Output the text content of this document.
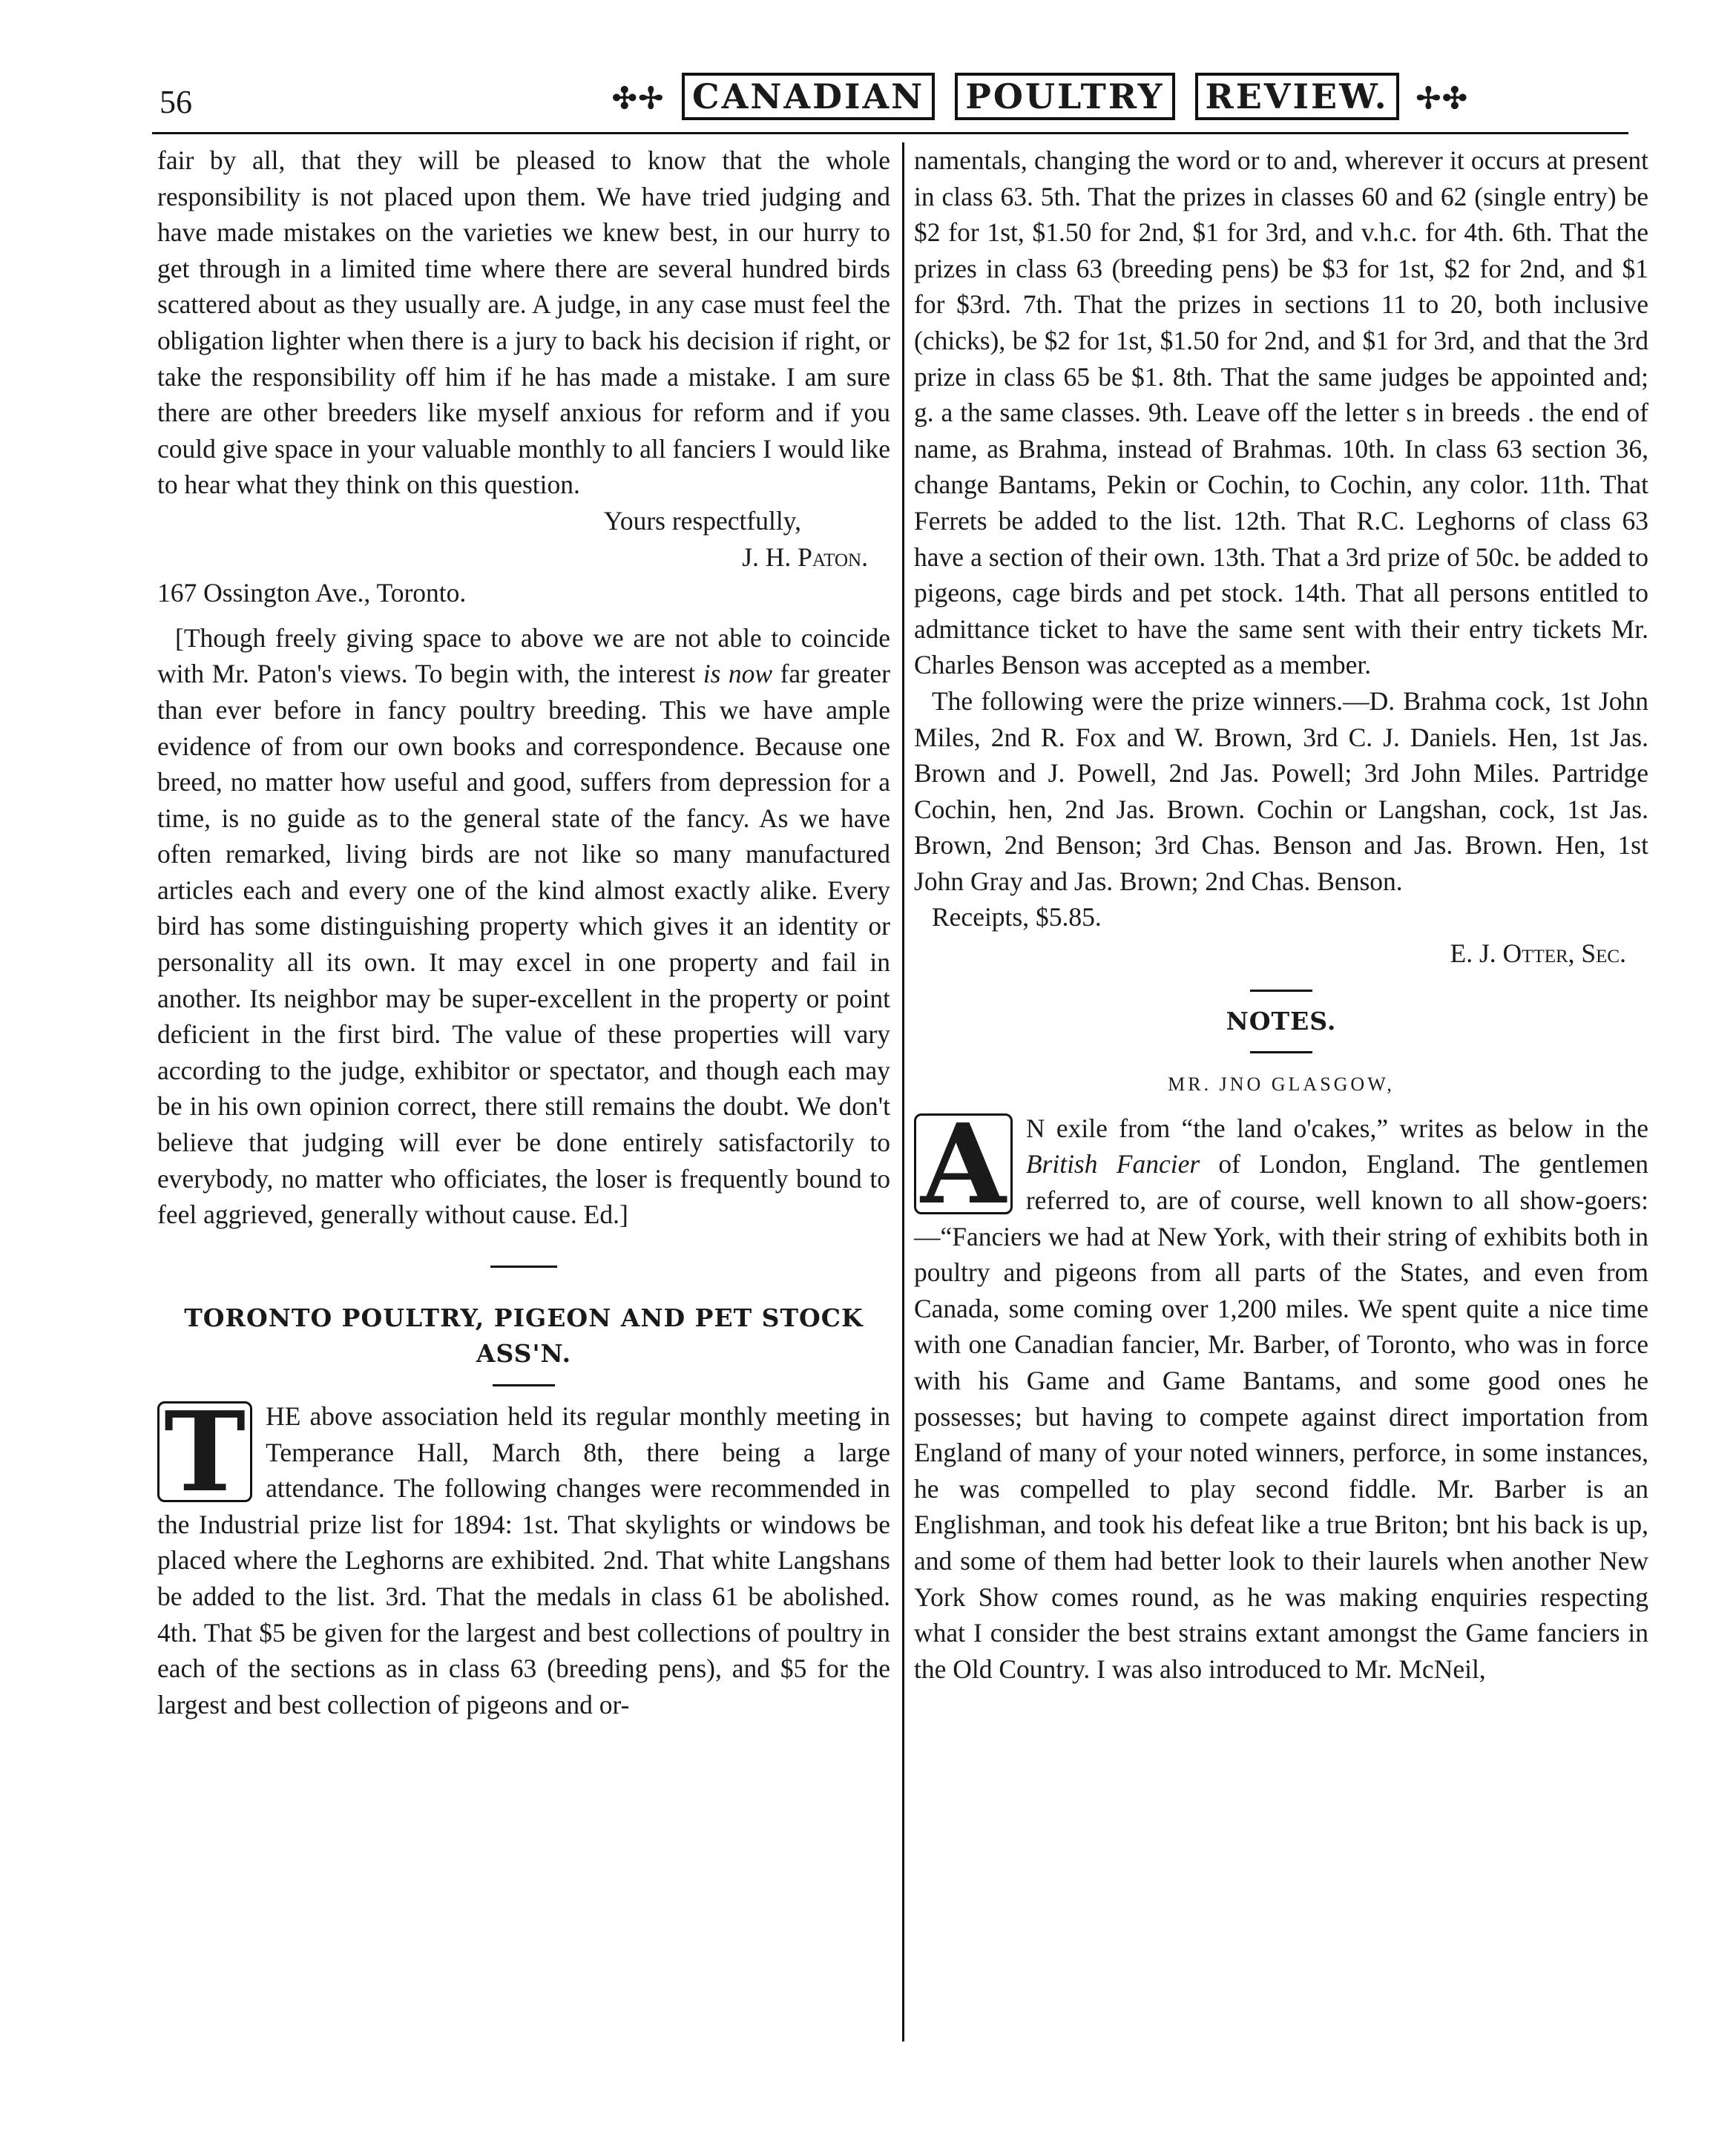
56	✣✢ CANADIAN POULTRY REVIEW. ✢✣

fair by all, that they will be pleased to know that the whole responsibility is not placed upon them. We have tried judging and have made mistakes on the varieties we knew best, in our hurry to get through in a limited time where there are several hundred birds scattered about as they usually are. A judge, in any case must feel the obligation lighter when there is a jury to back his decision if right, or take the responsibility off him if he has made a mistake. I am sure there are other breeders like myself anxious for reform and if you could give space in your valuable monthly to all fanciers I would like to hear what they think on this question.

Yours respectfully,

J. H. Paton.

167 Ossington Ave., Toronto.

[Though freely giving space to above we are not able to coincide with Mr. Paton's views. To begin with, the interest is now far greater than ever before in fancy poultry breeding. This we have ample evidence of from our own books and correspondence. Because one breed, no matter how useful and good, suffers from depression for a time, is no guide as to the general state of the fancy. As we have often remarked, living birds are not like so many manufactured articles each and every one of the kind almost exactly alike. Every bird has some distinguishing property which gives it an identity or personality all its own. It may excel in one property and fail in another. Its neighbor may be super-excellent in the property or point deficient in the first bird. The value of these properties will vary according to the judge, exhibitor or spectator, and though each may be in his own opinion correct, there still remains the doubt. We don't believe that judging will ever be done entirely satisfactorily to everybody, no matter who officiates, the loser is frequently bound to feel aggrieved, generally without cause. Ed.]

TORONTO POULTRY, PIGEON AND PET STOCK ASS'N.

T HE above association held its regular monthly meeting in Temperance Hall, March 8th, there being a large attendance. The following changes were recommended in the Industrial prize list for 1894: 1st. That skylights or windows be placed where the Leghorns are exhibited. 2nd. That white Langshans be added to the list. 3rd. That the medals in class 61 be abolished. 4th. That $5 be given for the largest and best collections of poultry in each of the sections as in class 63 (breeding pens), and $5 for the largest and best collection of pigeons and or-

namentals, changing the word or to and, wherever it occurs at present in class 63. 5th. That the prizes in classes 60 and 62 (single entry) be $2 for 1st, $1.50 for 2nd, $1 for 3rd, and v.h.c. for 4th. 6th. That the prizes in class 63 (breeding pens) be $3 for 1st, $2 for 2nd, and $1 for $3rd. 7th. That the prizes in sections 11 to 20, both inclusive (chicks), be $2 for 1st, $1.50 for 2nd, and $1 for 3rd, and that the 3rd prize in class 65 be $1. 8th. That the same judges be appointed and; g. a the same classes. 9th. Leave off the letter s in breeds . the end of name, as Brahma, instead of Brahmas. 10th. In class 63 section 36, change Bantams, Pekin or Cochin, to Cochin, any color. 11th. That Ferrets be added to the list. 12th. That R.C. Leghorns of class 63 have a section of their own. 13th. That a 3rd prize of 50c. be added to pigeons, cage birds and pet stock. 14th. That all persons entitled to admittance ticket to have the same sent with their entry tickets Mr. Charles Benson was accepted as a member.

The following were the prize winners.—D. Brahma cock, 1st John Miles, 2nd R. Fox and W. Brown, 3rd C. J. Daniels. Hen, 1st Jas. Brown and J. Powell, 2nd Jas. Powell; 3rd John Miles. Partridge Cochin, hen, 2nd Jas. Brown. Cochin or Langshan, cock, 1st Jas. Brown, 2nd Benson; 3rd Chas. Benson and Jas. Brown. Hen, 1st John Gray and Jas. Brown; 2nd Chas. Benson.

Receipts, $5.85.

E. J. Otter, Sec.

NOTES.
MR. JNO GLASGOW,

A N exile from “the land o'cakes,” writes as below in the British Fancier of London, England. The gentlemen referred to, are of course, well known to all show-goers:—“Fanciers we had at New York, with their string of exhibits both in poultry and pigeons from all parts of the States, and even from Canada, some coming over 1,200 miles. We spent quite a nice time with one Canadian fancier, Mr. Barber, of Toronto, who was in force with his Game and Game Bantams, and some good ones he possesses; but having to compete against direct importation from England of many of your noted winners, perforce, in some instances, he was compelled to play second fiddle. Mr. Barber is an Englishman, and took his defeat like a true Briton; bnt his back is up, and some of them had better look to their laurels when another New York Show comes round, as he was making enquiries respecting what I consider the best strains extant amongst the Game fanciers in the Old Country. I was also introduced to Mr. McNeil,
